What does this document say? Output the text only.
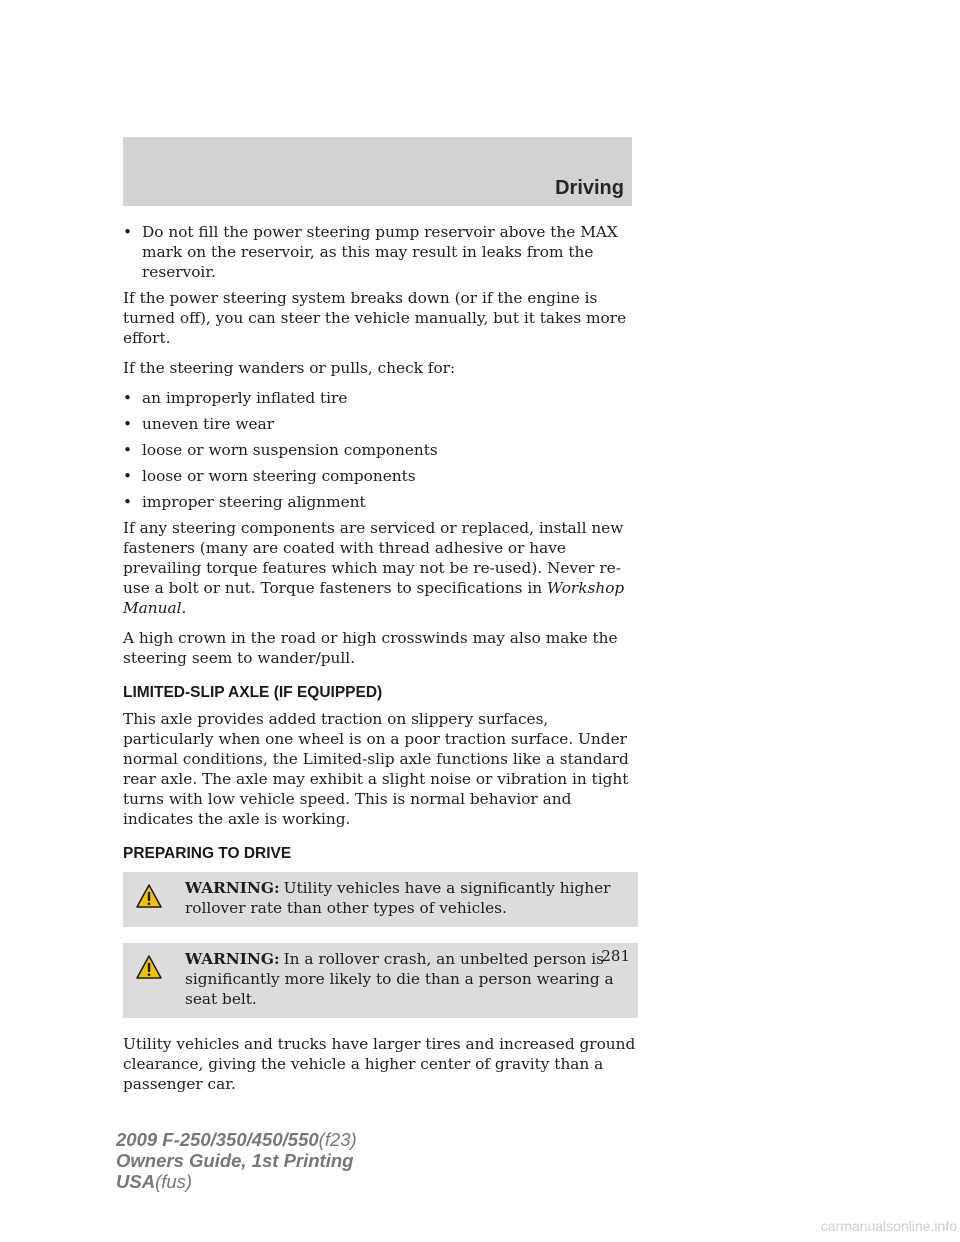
Driving
• Do not fill the power steering pump reservoir above the MAX mark on the reservoir, as this may result in leaks from the reservoir.

If the power steering system breaks down (or if the engine is turned off), you can steer the vehicle manually, but it takes more effort.

If the steering wanders or pulls, check for:

• an improperly inflated tire
• uneven tire wear
• loose or worn suspension components
• loose or worn steering components
• improper steering alignment

If any steering components are serviced or replaced, install new fasteners (many are coated with thread adhesive or have prevailing torque features which may not be re-used). Never re-use a bolt or nut. Torque fasteners to specifications in Workshop Manual.

A high crown in the road or high crosswinds may also make the steering seem to wander/pull.

LIMITED-SLIP AXLE (IF EQUIPPED)

This axle provides added traction on slippery surfaces, particularly when one wheel is on a poor traction surface. Under normal conditions, the Limited-slip axle functions like a standard rear axle. The axle may exhibit a slight noise or vibration in tight turns with low vehicle speed. This is normal behavior and indicates the axle is working.

PREPARING TO DRIVE
WARNING: Utility vehicles have a significantly higher rollover rate than other types of vehicles.
WARNING: In a rollover crash, an unbelted person is significantly more likely to die than a person wearing a seat belt.

Utility vehicles and trucks have larger tires and increased ground clearance, giving the vehicle a higher center of gravity than a passenger car.

281
2009 F-250/350/450/550(f23)
Owners Guide, 1st Printing
USA(fus)
carmanualsonline.info
